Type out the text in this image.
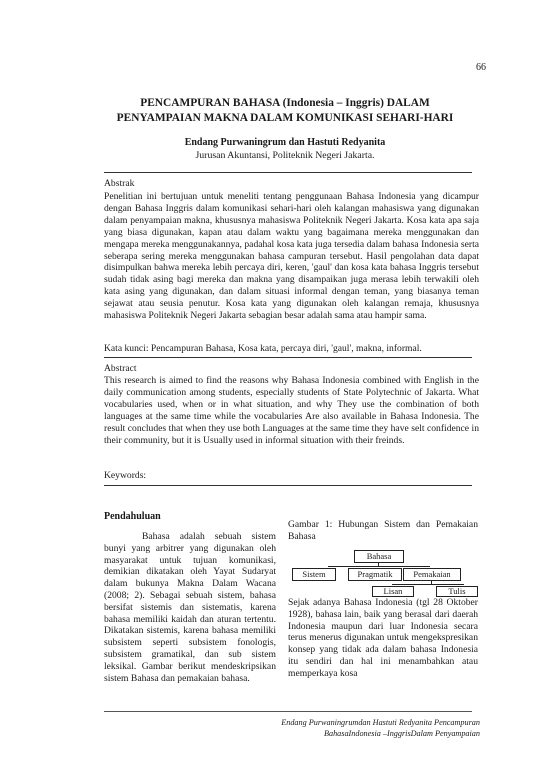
66
PENCAMPURAN BAHASA (Indonesia – Inggris) DALAM
PENYAMPAIAN MAKNA DALAM KOMUNIKASI SEHARI-HARI
Endang Purwaningrum dan Hastuti Redyanita
Jurusan Akuntansi, Politeknik Negeri Jakarta.
Abstrak
Penelitian ini bertujuan untuk meneliti tentang penggunaan Bahasa Indonesia yang dicampur dengan Bahasa Inggris dalam komunikasi sehari-hari oleh kalangan mahasiswa yang digunakan dalam penyampaian makna, khususnya mahasiswa Politeknik Negeri Jakarta. Kosa kata apa saja yang biasa digunakan, kapan atau dalam waktu yang bagaimana mereka menggunakan dan mengapa mereka menggunakannya, padahal kosa kata juga tersedia dalam bahasa Indonesia serta seberapa sering mereka menggunakan bahasa campuran tersebut. Hasil pengolahan data dapat disimpulkan bahwa mereka lebih percaya diri, keren, 'gaul' dan kosa kata bahasa Inggris tersebut sudah tidak asing bagi mereka dan makna yang disampaikan juga merasa lebih terwakili oleh kata asing yang digunakan, dan dalam situasi informal dengan teman, yang biasanya teman sejawat atau seusia penutur. Kosa kata yang digunakan oleh kalangan remaja, khususnya mahasiswa Politeknik Negeri Jakarta sebagian besar adalah sama atau hampir sama.
Kata kunci: Pencampuran Bahasa, Kosa kata, percaya diri, 'gaul', makna, informal.
Abstract
This research is aimed to find the reasons why Bahasa Indonesia combined with English in the daily communication among students, especially students of State Polytechnic of Jakarta. What vocabularies used, when or in what situation, and why They use the combination of both languages at the same time while the vocabularies Are also available in Bahasa Indonesia. The result concludes that when they use both Languages at the same time they have selt confidence in their community, but it is Usually used in informal situation with their freinds.
Keywords:
Pendahuluan

Bahasa adalah sebuah sistem bunyi yang arbitrer yang digunakan oleh masyarakat untuk tujuan komunikasi, demikian dikatakan oleh Yayat Sudaryat dalam bukunya Makna Dalam Wacana (2008; 2). Sebagai sebuah sistem, bahasa bersifat sistemis dan sistematis, karena bahasa memiliki kaidah dan aturan tertentu. Dikatakan sistemis, karena bahasa memiliki subsistem seperti subsistem fonologis, subsistem gramatikal, dan sub sistem leksikal. Gambar berikut mendeskripsikan sistem Bahasa dan pemakaian bahasa.

Gambar 1: Hubungan Sistem dan Pemakaian Bahasa
Bahasa
Sistem	Pragmatik	Pemakaian
Lisan	Tulis
Sejak adanya Bahasa Indonesia (tgl 28 Oktober 1928), bahasa lain, baik yang berasal dari daerah Indonesia maupun dari luar Indonesia secara terus menerus digunakan untuk mengekspresikan konsep yang tidak ada dalam bahasa Indonesia itu sendiri dan hal ini menambahkan atau memperkaya kosa
Endang Purwaningrumdan Hastuti Redyanita Pencampuran
BahasaIndonesia –InggrisDalam Penyampaian
